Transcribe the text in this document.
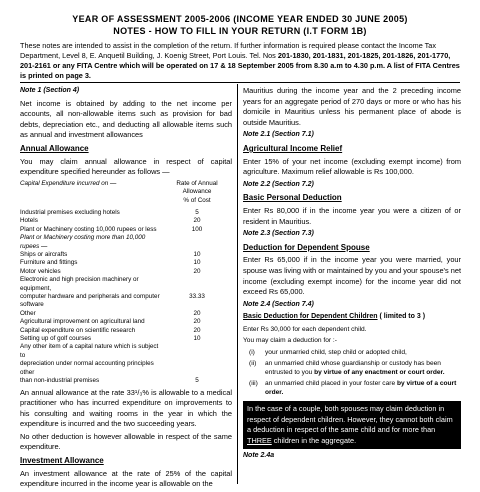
YEAR OF ASSESSMENT 2005-2006 (INCOME YEAR ENDED 30 JUNE 2005)
NOTES - HOW TO FILL IN YOUR RETURN (I.T FORM 1B)
These notes are intended to assist in the completion of the return. If further information is required please contact the Income Tax Department, Level 8, E. Anquetil Building, J. Koenig Street, Port Louis. Tel. Nos 201-1830, 201-1831, 201-1825, 201-1826, 201-1770, 201-2161 or any FITA Centre which will be operated on 17 & 18 September 2005 from 8.30 a.m to 4.30 p.m. A list of FITA Centres is printed on page 3.
Note 1 (Section 4)
Net income is obtained by adding to the net income per accounts, all non-allowable items such as provision for bad debts, depreciation etc., and deducting all allowable items such as annual and investment allowances
Annual Allowance
You may claim annual allowance in respect of capital expenditure specified hereunder as follows —
Capital Expenditure incurred on —	Rate of Annual Allowance
	% of Cost

Industrial premises excluding hotels	5
Hotels	20
Plant or Machinery costing 10,000 rupees or less	100
Plant or Machinery costing more than 10,000 rupees —	
Ships or aircrafts	10
Furniture and fittings	10
Motor vehicles	20
Electronic and high precision machinery or equipment,	
computer hardware and peripherals and computer software	33.33
Other	20
Agricultural improvement on agricultural land	20
Capital expenditure on scientific research	20
Setting up of golf courses	10
Any other item of a capital nature which is subject to	
depreciation under normal accounting principles other	
than non-industrial premises	5
An annual allowance at the rate 33¹/₃% is allowable to a medical practitioner who has incurred expenditure on improvements to his consulting and waiting rooms in the year in which the expenditure is incurred and the two succeeding years.
No other deduction is however allowable in respect of the same expenditure.
Investment Allowance
An investment allowance at the rate of 25% of the capital expenditure incurred in the income year is allowable on the
Mauritius during the income year and the 2 preceding income years for an aggregate period of 270 days or more or who has his domicile in Mauritius unless his permanent place of abode is outside Mauritius.
Note 2.1 (Section 7.1)
Agricultural Income Relief
Enter 15% of your net income (excluding exempt income) from agriculture. Maximum relief allowable is Rs 100,000.
Note 2.2 (Section 7.2)
Basic Personal Deduction
Enter Rs 80,000 if in the income year you were a citizen of or resident in Mauritius.
Note 2.3 (Section 7.3)
Deduction for Dependent Spouse
Enter Rs 65,000 if in the income year you were married, your spouse was living with or maintained by you and your spouse's net income (excluding exempt income) for the income year did not exceed Rs 65,000.
Note 2.4 (Section 7.4)
Basic Deduction for Dependent Children ( limited to 3 )
Enter Rs 30,000 for each dependent child.
You may claim a deduction for :-
(i)	your unmarried child, step child or adopted child,
(ii)	an unmarried child whose guardianship or custody has been entrusted to you by virtue of any enactment or court order.
(iii)	an unmarried child placed in your foster care by virtue of a court order.
In the case of a couple, both spouses may claim deduction in respect of dependent children. However, they cannot both claim a deduction in respect of the same child and for more than THREE children in the aggregate.
Note 2.4a
